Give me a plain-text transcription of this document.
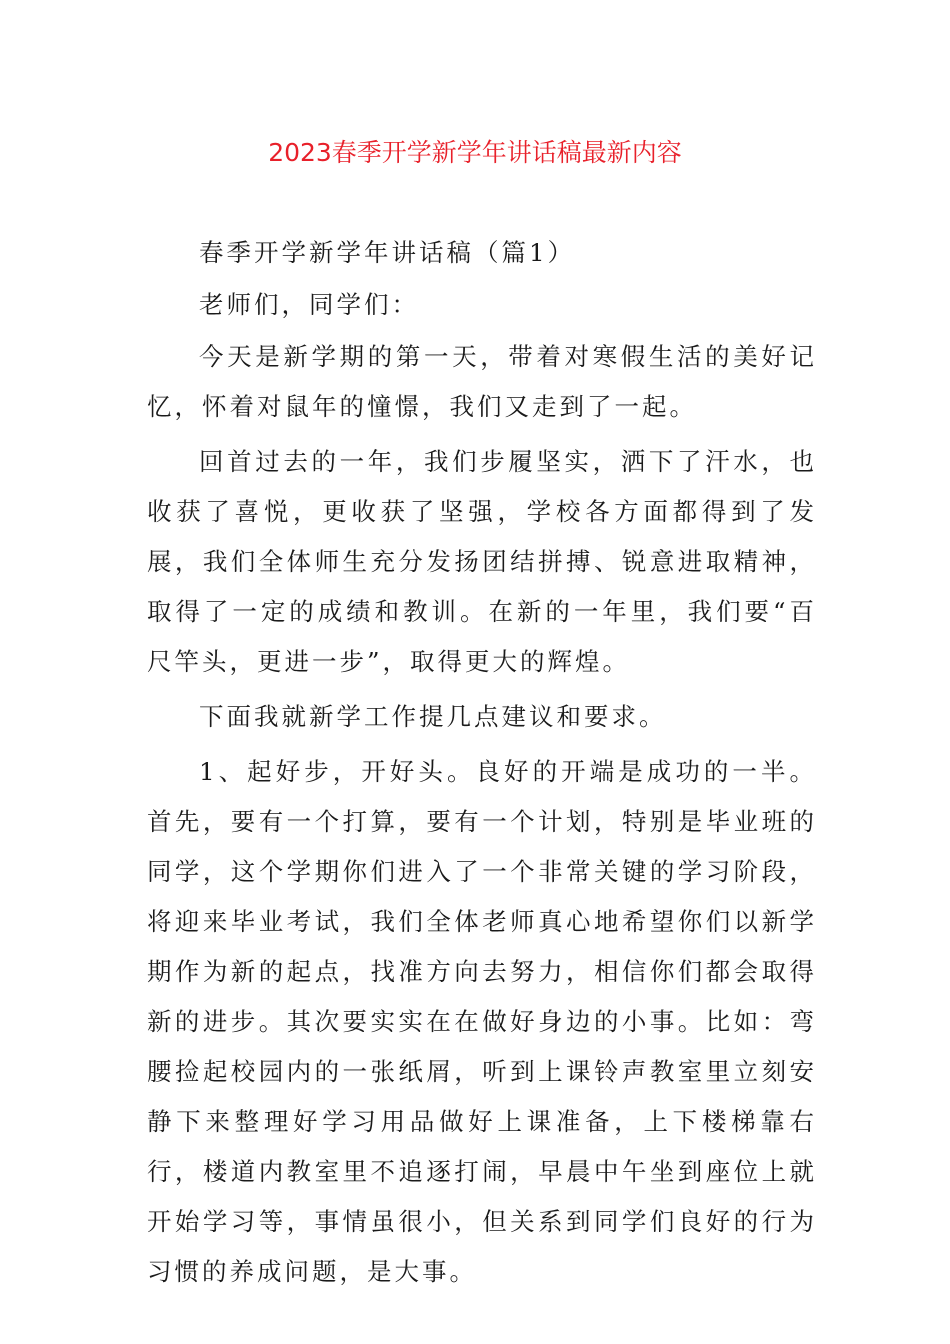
2023春季开学新学年讲话稿最新内容

春季开学新学年讲话稿（篇1）

老师们，同学们：

今天是新学期的第一天，带着对寒假生活的美好记忆，怀着对鼠年的憧憬，我们又走到了一起。

回首过去的一年，我们步履坚实，洒下了汗水，也收获了喜悦，更收获了坚强，学校各方面都得到了发展，我们全体师生充分发扬团结拼搏、锐意进取精神，取得了一定的成绩和教训。在新的一年里，我们要“百尺竿头，更进一步”，取得更大的辉煌。

下面我就新学工作提几点建议和要求。

1、起好步，开好头。良好的开端是成功的一半。首先，要有一个打算，要有一个计划，特别是毕业班的同学，这个学期你们进入了一个非常关键的学习阶段，将迎来毕业考试，我们全体老师真心地希望你们以新学期作为新的起点，找准方向去努力，相信你们都会取得新的进步。其次要实实在在做好身边的小事。比如：弯腰捡起校园内的一张纸屑，听到上课铃声教室里立刻安静下来整理好学习用品做好上课准备，上下楼梯靠右行，楼道内教室里不追逐打闹，早晨中午坐到座位上就开始学习等，事情虽很小，但关系到同学们良好的行为习惯的养成问题，是大事。
